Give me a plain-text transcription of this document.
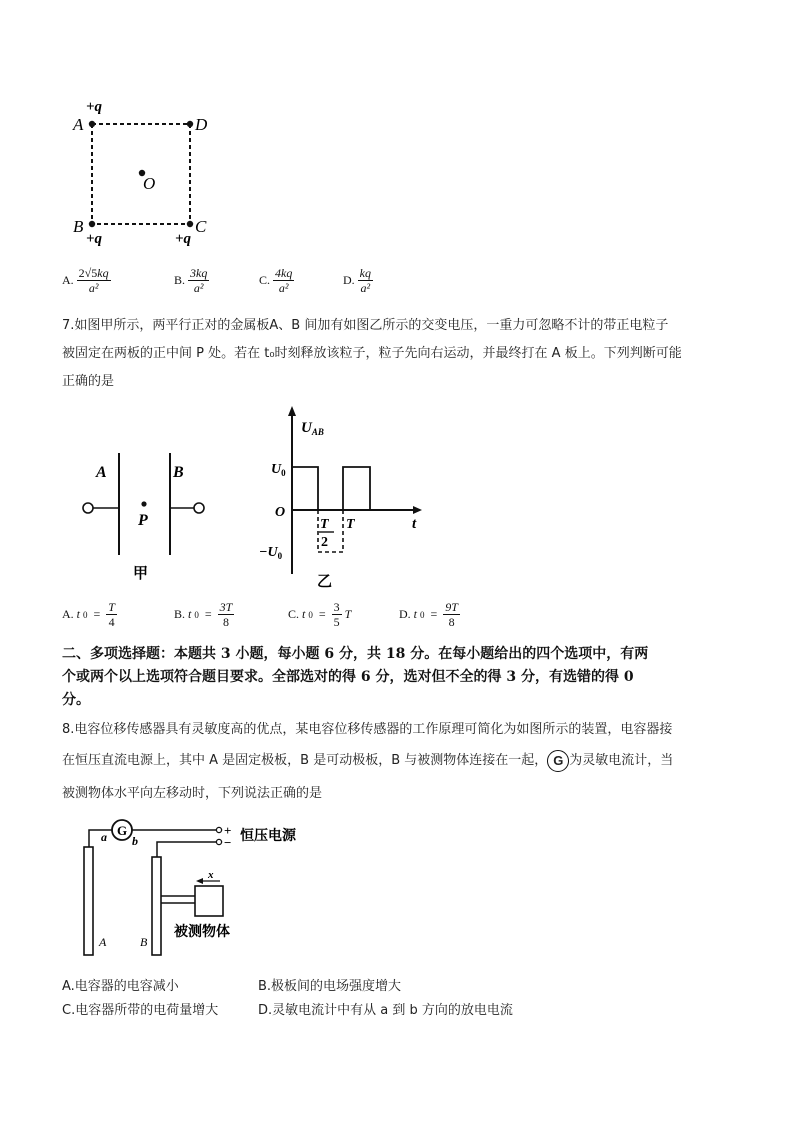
+q
A	D
O
B
+q	+q
C
A. $\frac{2√5kq}{\text{a²}}$	B. $\frac{3kq}{\text{a²}}$	C. $\frac{4kq}{\text{a²}}$	D. $\frac{kq}{\text{a²}}$
7.如图甲所示，两平行正对的金属板A、B 间加有如图乙所示的交变电压，一重力可忽略不计的带正电粒子
被固定在两板的正中间 P 处。若在 t₀时刻释放该粒子，粒子先向右运动，并最终打在 A 板上。下列判断可能
正确的是
A	B
P
甲
$U_{AB}$
$U_0$
O
$-U_0$
T
2
T	t
乙
A. t $0 = \frac{T}{4}$	B. t $0 = \frac{3T}{8}$	C. t $0 = \frac{3}{5}$ T	D. t $0 = \frac{9T}{8}$
二、多项选择题：本题共 3 小题，每小题 6 分，共 18 分。在每小题给出的四个选项中，有两
个或两个以上选项符合题目要求。全部选对的得 6 分，选对但不全的得 3 分，有选错的得 0
分。
8.电容位移传感器具有灵敏度高的优点，某电容位移传感器的工作原理可简化为如图所示的装置，电容器接
在恒压直流电源上，其中 A 是固定极板，B 是可动极板，B 与被测物体连接在一起， G 为灵敏电流计，当
被测物体水平向左移动时，下列说法正确的是
G	+
− 恒压电源
a b
x
被测物体
A	B
A.电容器的电容减小	B.极板间的电场强度增大
C.电容器所带的电荷量增大	D.灵敏电流计中有从 a 到 b 方向的放电电流
